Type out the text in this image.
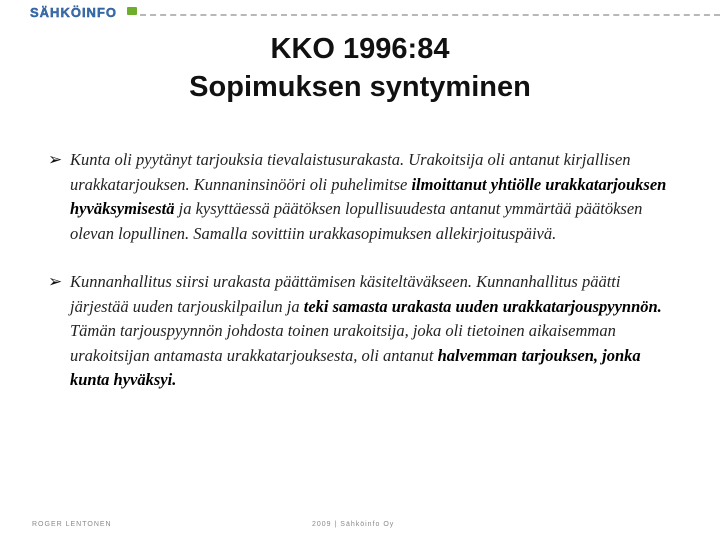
SÄHKÖINFO
KKO 1996:84
Sopimuksen syntyminen
➢ Kunta oli pyytänyt tarjouksia tievalaistusurakasta. Urakoitsija oli antanut kirjallisen urakkatarjouksen. Kunnaninsinööri oli puhelimitse ilmoittanut yhtiölle urakkatarjouksen hyväksymisestä ja kysyttäessä päätöksen lopullisuudesta antanut ymmärtää päätöksen olevan lopullinen. Samalla sovittiin urakkasopimuksen allekirjoituspäivä.

➢ Kunnanhallitus siirsi urakasta päättämisen käsiteltäväkseen. Kunnanhallitus päätti järjestää uuden tarjouskilpailun ja teki samasta urakasta uuden urakkatarjouspyynnön. Tämän tarjouspyynnön johdosta toinen urakoitsija, joka oli tietoinen aikaisemman urakoitsijan antamasta urakkatarjouksesta, oli antanut halvemman tarjouksen, jonka kunta hyväksyi.

ROGER LENTONEN	2009 | Sähköinfo Oy
